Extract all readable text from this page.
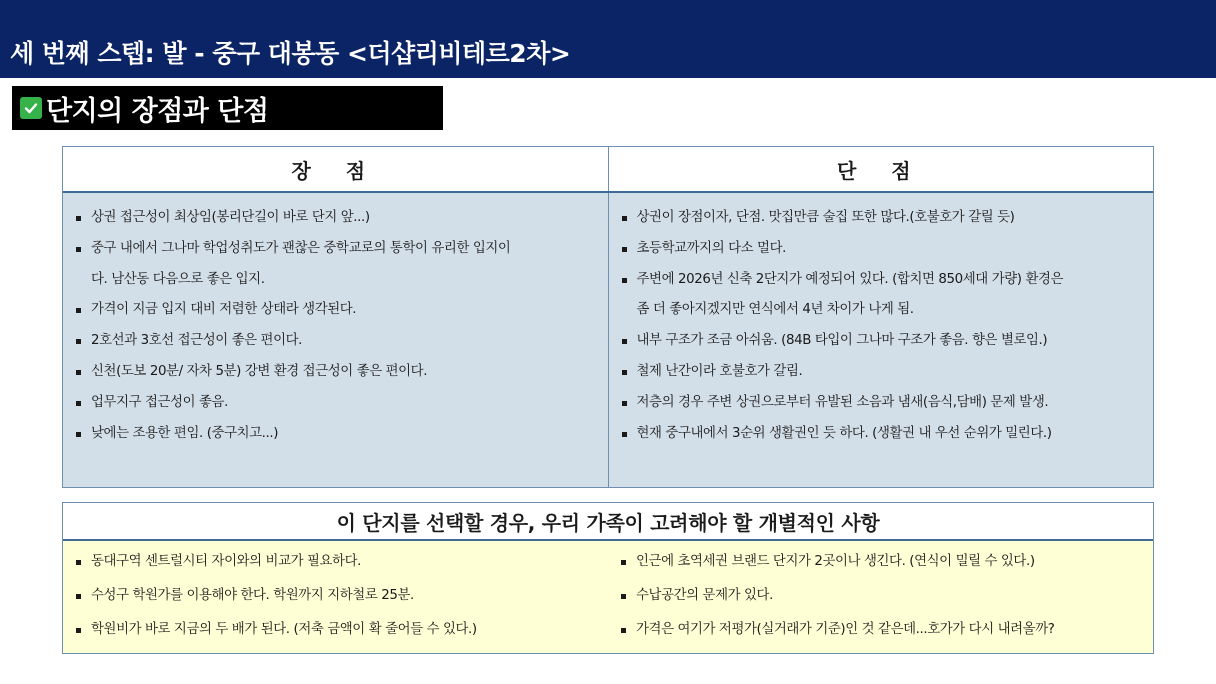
세 번째 스텝: 발 - 중구 대봉동 <더샵리비테르2차>
단지의 장점과 단점
장 점	단 점
상권 접근성이 최상임(봉리단길이 바로 단지 앞...)
중구 내에서 그나마 학업성취도가 괜찮은 중학교로의 통학이 유리한 입지이
다. 남산동 다음으로 좋은 입지.
가격이 지금 입지 대비 저렴한 상태라 생각된다.
2호선과 3호선 접근성이 좋은 편이다.
신천(도보 20분/ 자차 5분) 강변 환경 접근성이 좋은 편이다.
업무지구 접근성이 좋음.
낮에는 조용한 편임. (중구치고...)
상권이 장점이자, 단점. 맛집만큼 술집 또한 많다.(호불호가 갈릴 듯)
초등학교까지의 다소 멀다.
주변에 2026년 신축 2단지가 예정되어 있다. (합치면 850세대 가량) 환경은
좀 더 좋아지겠지만 연식에서 4년 차이가 나게 됨.
내부 구조가 조금 아쉬움. (84B 타입이 그나마 구조가 좋음. 향은 별로임.)
철제 난간이라 호불호가 갈림.
저층의 경우 주변 상권으로부터 유발된 소음과 냄새(음식,담배) 문제 발생.
현재 중구내에서 3순위 생활권인 듯 하다. (생활권 내 우선 순위가 밀린다.)
이 단지를 선택할 경우, 우리 가족이 고려해야 할 개별적인 사항
동대구역 센트럴시티 자이와의 비교가 필요하다.
수성구 학원가를 이용해야 한다. 학원까지 지하철로 25분.
학원비가 바로 지금의 두 배가 된다. (저축 금액이 확 줄어들 수 있다.)
인근에 초역세권 브랜드 단지가 2곳이나 생긴다. (연식이 밀릴 수 있다.)
수납공간의 문제가 있다.
가격은 여기가 저평가(실거래가 기준)인 것 같은데...호가가 다시 내려올까?
